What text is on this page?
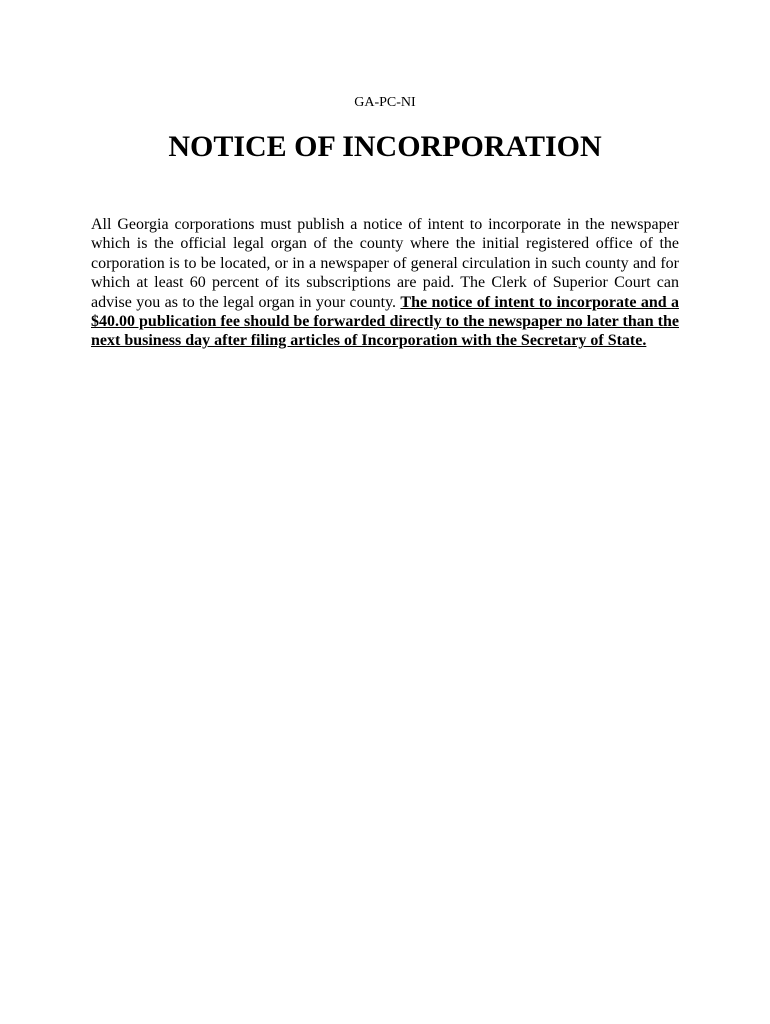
GA-PC-NI
NOTICE OF INCORPORATION

All Georgia corporations must publish a notice of intent to incorporate in the newspaper which is the official legal organ of the county where the initial registered office of the corporation is to be located, or in a newspaper of general circulation in such county and for which at least 60 percent of its subscriptions are paid. The Clerk of Superior Court can advise you as to the legal organ in your county. The notice of intent to incorporate and a $40.00 publication fee should be forwarded directly to the newspaper no later than the next business day after filing articles of Incorporation with the Secretary of State.
